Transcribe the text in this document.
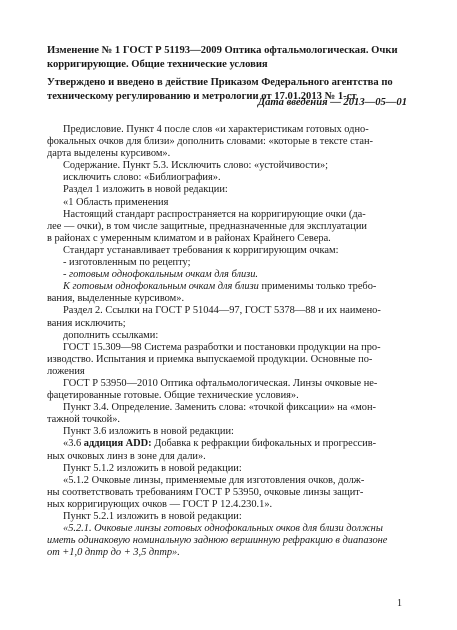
Изменение № 1 ГОСТ Р 51193—2009 Оптика офтальмологическая. Очки
корригирующие. Общие технические условия
Утверждено и введено в действие Приказом Федерального агентства по
техническому регулированию и метрологии от 17.01.2013 № 1-ст
Дата введения — 2013—05—01

Предисловие. Пункт 4 после слов «и характеристикам готовых одно-

фокальных очков для близи» дополнить словами: «которые в тексте стан-

дарта выделены курсивом».

Содержание. Пункт 5.3. Исключить слово: «устойчивости»;

исключить слово: «Библиография».

Раздел 1 изложить в новой редакции:

«1 Область применения

Настоящий стандарт распространяется на корригирующие очки (да-

лее — очки), в том числе защитные, предназначенные для эксплуатации

в районах с умеренным климатом и в районах Крайнего Севера.

Стандарт устанавливает требования к корригирующим очкам:

- изготовленным по рецепту;

- готовым однофокальным очкам для близи.

К готовым однофокальным очкам для близи применимы только требо-

вания, выделенные курсивом».

Раздел 2. Ссылки на ГОСТ Р 51044—97, ГОСТ 5378—88 и их наимено-

вания исключить;

дополнить ссылками:

ГОСТ 15.309—98 Система разработки и постановки продукции на про-

изводство. Испытания и приемка выпускаемой продукции. Основные по-

ложения

ГОСТ Р 53950—2010 Оптика офтальмологическая. Линзы очковые не-

фацетированные готовые. Общие технические условия».

Пункт 3.4. Определение. Заменить слова: «точкой фиксации» на «мон-

тажной точкой».

Пункт 3.6 изложить в новой редакции:

«3.6 аддиция ADD: Добавка к рефракции бифокальных и прогрессив-

ных очковых линз в зоне для дали».

Пункт 5.1.2 изложить в новой редакции:

«5.1.2 Очковые линзы, применяемые для изготовления очков, долж-

ны соответствовать требованиям ГОСТ Р 53950, очковые линзы защит-

ных корригирующих очков — ГОСТ Р 12.4.230.1».

Пункт 5.2.1 изложить в новой редакции:

«5.2.1. Очковые линзы готовых однофокальных очков для близи должны

иметь одинаковую номинальную заднюю вершинную рефракцию в диапазоне

от +1,0 дптр до + 3,5 дптр».

1
